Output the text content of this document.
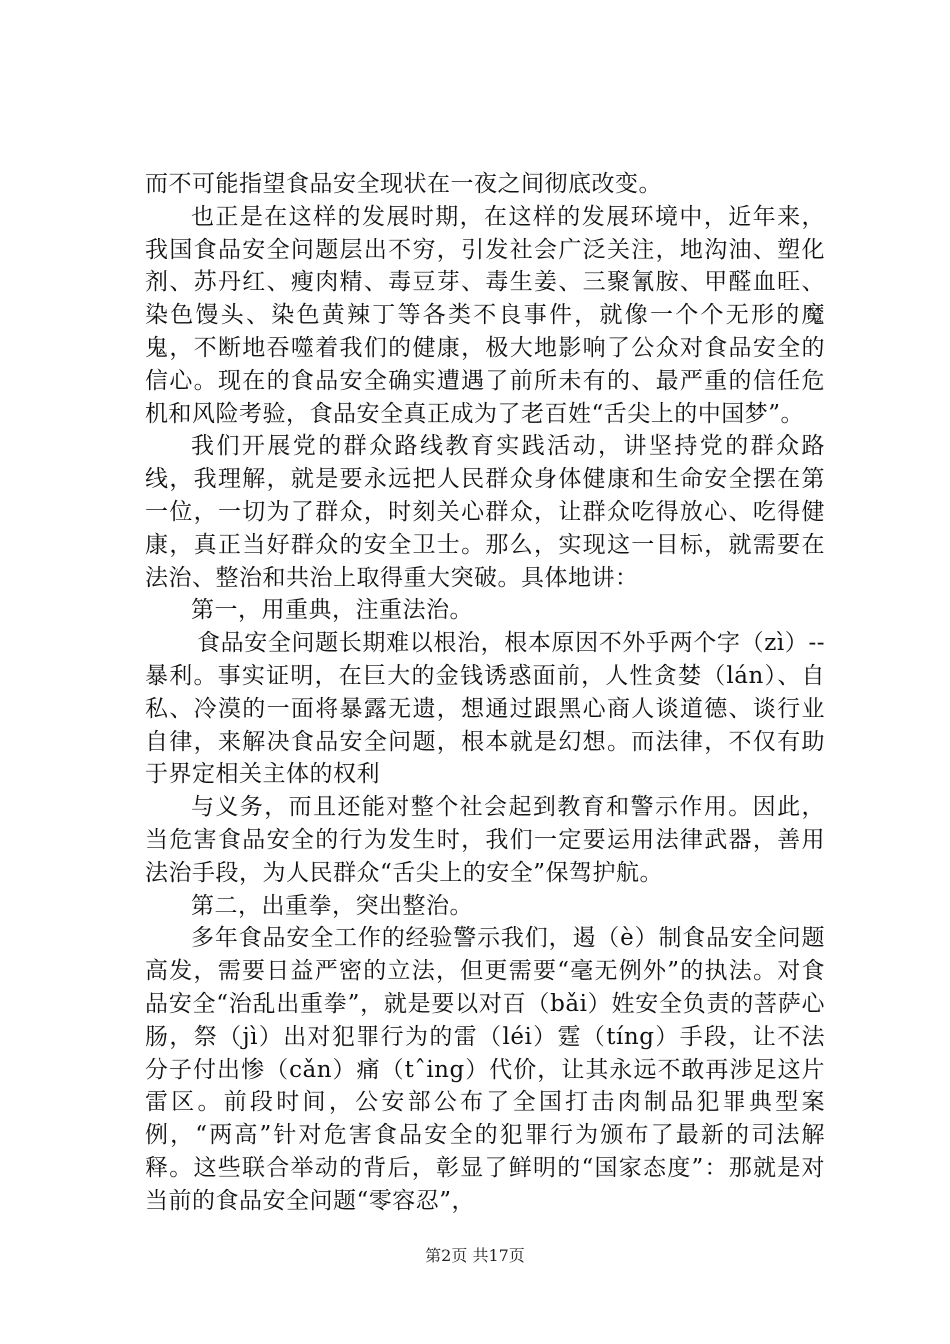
而不可能指望食品安全现状在一夜之间彻底改变。

也正是在这样的发展时期，在这样的发展环境中，近年来，我国食品安全问题层出不穷，引发社会广泛关注，地沟油、塑化剂、苏丹红、瘦肉精、毒豆芽、毒生姜、三聚氰胺、甲醛血旺、染色馒头、染色黄辣丁等各类不良事件，就像一个个无形的魔鬼，不断地吞噬着我们的健康，极大地影响了公众对食品安全的信心。现在的食品安全确实遭遇了前所未有的、最严重的信任危机和风险考验，食品安全真正成为了老百姓“舌尖上的中国梦”。

我们开展党的群众路线教育实践活动，讲坚持党的群众路线，我理解，就是要永远把人民群众身体健康和生命安全摆在第一位，一切为了群众，时刻关心群众，让群众吃得放心、吃得健康，真正当好群众的安全卫士。那么，实现这一目标，就需要在法治、整治和共治上取得重大突破。具体地讲：

第一，用重典，注重法治。

食品安全问题长期难以根治，根本原因不外乎两个字（zì）--暴利。事实证明，在巨大的金钱诱惑面前，人性贪婪（lán）、自私、冷漠的一面将暴露无遗，想通过跟黑心商人谈道德、谈行业自律，来解决食品安全问题，根本就是幻想。而法律，不仅有助于界定相关主体的权利

与义务，而且还能对整个社会起到教育和警示作用。因此，当危害食品安全的行为发生时，我们一定要运用法律武器，善用法治手段，为人民群众“舌尖上的安全”保驾护航。

第二，出重拳，突出整治。

多年食品安全工作的经验警示我们，遏（è）制食品安全问题高发，需要日益严密的立法，但更需要“毫无例外”的执法。对食品安全“治乱出重拳”，就是要以对百（bǎi）姓安全负责的菩萨心肠，祭（jì）出对犯罪行为的雷（léi）霆（tíng）手段，让不法分子付出惨（cǎn）痛（tˆing）代价，让其永远不敢再涉足这片雷区。前段时间，公安部公布了全国打击肉制品犯罪典型案例，“两高”针对危害食品安全的犯罪行为颁布了最新的司法解释。这些联合举动的背后，彰显了鲜明的“国家态度”：那就是对当前的食品安全问题“零容忍”，

第2页 共17页
